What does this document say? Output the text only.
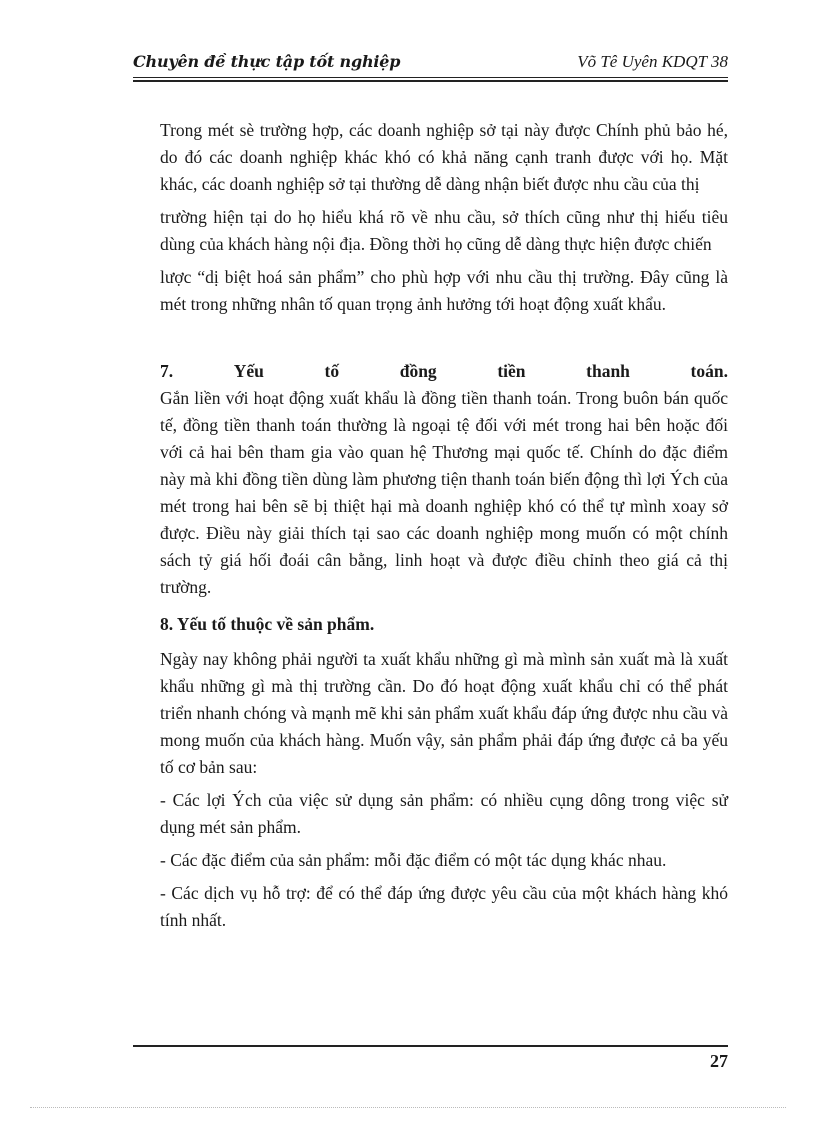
Chuyên đề thực tập tốt nghiệp	Võ Tê Uyên KDQT 38

Trong mét sè trường hợp, các doanh nghiệp sở tại này được Chính phủ bảo hé, do đó các doanh nghiệp khác khó có khả năng cạnh tranh được với họ. Mặt khác, các doanh nghiệp sở tại thường dễ dàng nhận biết được nhu cầu của thị

trường hiện tại do họ hiểu khá rõ về nhu cầu, sở thích cũng như thị hiếu tiêu dùng của khách hàng nội địa. Đồng thời họ cũng dễ dàng thực hiện được chiến

lược “dị biệt hoá sản phẩm” cho phù hợp với nhu cầu thị trường. Đây cũng là mét trong những nhân tố quan trọng ảnh hưởng tới hoạt động xuất khẩu.

7.	Yếu	tố	đồng	tiền	thanh	toán.

Gắn liền với hoạt động xuất khẩu là đồng tiền thanh toán. Trong buôn bán quốc tế, đồng tiền thanh toán thường là ngoại tệ đối với mét trong hai bên hoặc đối với cả hai bên tham gia vào quan hệ Thương mại quốc tế. Chính do đặc điểm này mà khi đồng tiền dùng làm phương tiện thanh toán biến động thì lợi Ých của mét trong hai bên sẽ bị thiệt hại mà doanh nghiệp khó có thể tự mình xoay sở được. Điều này giải thích tại sao các doanh nghiệp mong muốn có một chính sách tỷ giá hối đoái cân bằng, linh hoạt và được điều chỉnh theo giá cả thị trường.

8. Yếu tố thuộc về sản phẩm.

Ngày nay không phải người ta xuất khẩu những gì mà mình sản xuất mà là xuất khẩu những gì mà thị trường cần. Do đó hoạt động xuất khẩu chỉ có thể phát triển nhanh chóng và mạnh mẽ khi sản phẩm xuất khẩu đáp ứng được nhu cầu và mong muốn của khách hàng. Muốn vậy, sản phẩm phải đáp ứng được cả ba yếu tố cơ bản sau:

- Các lợi Ých của việc sử dụng sản phẩm: có nhiều cụng dông trong việc sử dụng mét sản phẩm.

- Các đặc điểm của sản phẩm: mỗi đặc điểm có một tác dụng khác nhau.

- Các dịch vụ hỗ trợ: để có thể đáp ứng được yêu cầu của một khách hàng khó tính nhất.

27
